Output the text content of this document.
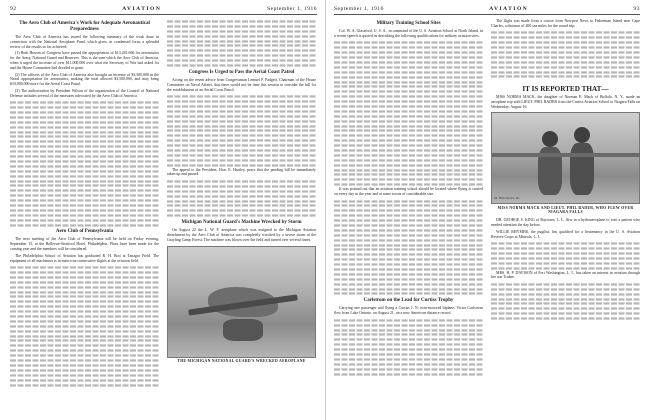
92	AVIATION	September 1, 1916
The Aero Club of America's Work for Adequate Aeronautical Preparedness

The Aero Club of America has issued the following summary of the work done in connection with the National Aeroplane Fund, which gives, in condensed form, a splendid review of the results so far achieved:

(1) Both Houses of Congress have passed the appropriation of $13,281,666 for aeronautics for the Army, National Guard and Reserves. This is the sum which the Aero Club of America, when it urged the increase of over $11,000,000 over what the Secretary of War had asked for and the House Committee had decided to grant.

(2) The officers of the Aero Club of America also brought an increase of $3,500,000 in the Naval appropriation for aeronautics, making the total allowed $3,500,000, and may bring $10,000,000 more for the Aerial Coast Patrol.

(3) The authorization by President Wilson of the organization of the Council of National Defense includes several of the measures advocated by the Aero Club of America.

Aero Club of Pennsylvania

The next meeting of the Aero Club of Pennsylvania will be held on Friday evening, September 15, at the Bellevue-Stratford Hotel, Philadelphia. Plans have been made for the coming year and the members will be considered.

The Philadelphia School of Aviation has graduated R. H. Bott at Tanagra Field. The equipment of all machinists is in main true consecutive flights at the aviation field.

Congress Is Urged to Pass the Aerial Coast Patrol

Acting on the resent advice from Congressman Lemuel P. Padgett, Chairman of the House Committee on Naval Affairs, that there would not be time this session to consider the bill for the establishment of an Aerial Coast Patrol.

The appeal to the President, Hon. E. Hartley, prays that the pending bill be immediately taken up and passed.

Michigan National Guard's Machine Wrecked by Storm

On August 22 the L. W. F. aeroplane which was assigned to the Michigan Aviation detachment by the Aero Club of America was completely wrecked by a severe storm at the Grayling Camp Forest. The machine was blown over the field and turned over several times.

THE MICHIGAN NATIONAL GUARD'S WRECKED AEROPLANE
September 1, 1916	AVIATION	93
Military Training School Sites

Col. W. A. Glassford, U. S. A., in command of the U. S. Aviation School at North Island, in a recent speech is quoted as describing the following qualifications for military aviation sites.

It was pointed out that an aviation training school should be located where flying is carried on every day in the year and at some towns of considerable size.

Carlstrom on the Lead for Curtiss Trophy

Carrying one passenger and flying a Curtiss J. N. twin-motored biplane, Victor Carlstrom flew from Lake Ontario, on August 21, on a new American distance record.

The flight was made from a course from Newport News to Fisherman Island near Cape Charles, a distance of 400 sea miles for the round trip.

IT IS REPORTED THAT—

MISS NORMA MACK, the daughter of Norman E. Mack of Buffalo, N. Y., made an aeroplane trip with LIEUT. PHIL RADER from the Curtiss Aviation School to Niagara Falls on Wednesday, August 16.

Int. Film Service, Inc.
MISS NORMA MACK AND LIEUT. PHIL RADER, WHO FLEW OVER NIAGARA FALLS

DR. GEORGE S. KING of Baytown, L. I., flew in a hydroaeroplane to visit a patient who needed attention the day before.

WILLIE RHYMER, the pugilist, has qualified for a lieutenancy in the U. S. Aviation Reserve Corps at Mineola, L. I.

MRS. H. P. DAVISON of Fort Washington, L. I., has taken an interest in aviation through her son Trubee.
